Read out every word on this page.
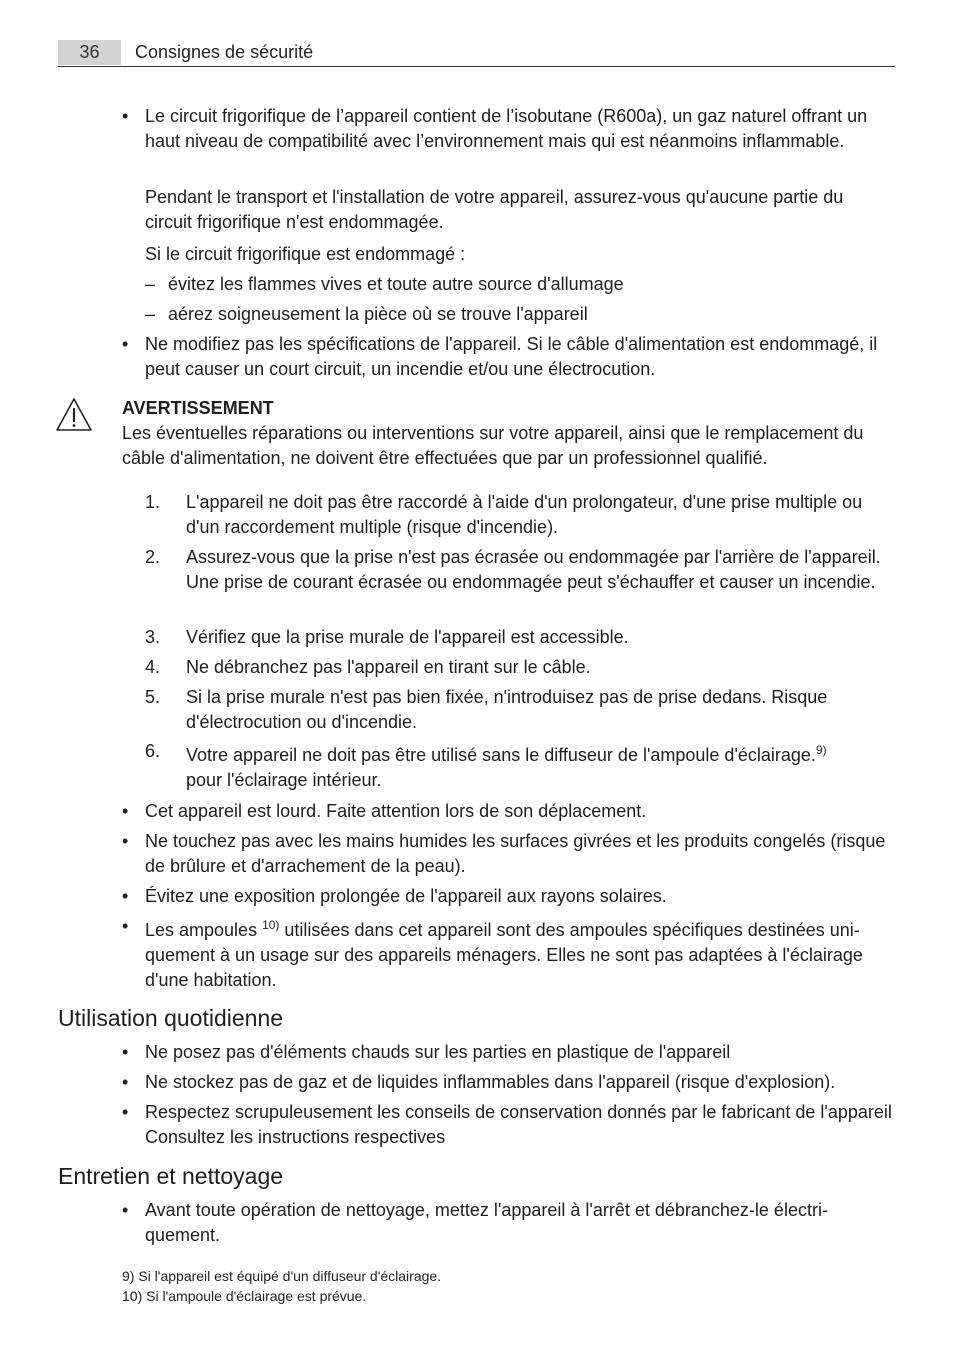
36	Consignes de sécurité
• Le circuit frigorifique de l’appareil contient de l’isobutane (R600a), un gaz naturel offrant un haut niveau de compatibilité avec l’environnement mais qui est néanmoins inflammable.
Pendant le transport et l'installation de votre appareil, assurez-vous qu'aucune partie du circuit frigorifique n'est endommagée.
Si le circuit frigorifique est endommagé :
– évitez les flammes vives et toute autre source d'allumage
– aérez soigneusement la pièce où se trouve l'appareil
• Ne modifiez pas les spécifications de l'appareil. Si le câble d'alimentation est endommagé, il peut causer un court circuit, un incendie et/ou une électrocution.
AVERTISSEMENT
Les éventuelles réparations ou interventions sur votre appareil, ainsi que le remplacement du câble d'alimentation, ne doivent être effectuées que par un professionnel qualifié.
1. L'appareil ne doit pas être raccordé à l'aide d'un prolongateur, d'une prise multiple ou d'un raccordement multiple (risque d'incendie).
2. Assurez-vous que la prise n'est pas écrasée ou endommagée par l'arrière de l'appareil. Une prise de courant écrasée ou endommagée peut s'échauffer et causer un incendie.
3. Vérifiez que la prise murale de l'appareil est accessible.
4. Ne débranchez pas l'appareil en tirant sur le câble.
5. Si la prise murale n'est pas bien fixée, n'introduisez pas de prise dedans. Risque d'électrocution ou d'incendie.
6. Votre appareil ne doit pas être utilisé sans le diffuseur de l'ampoule d'éclairage.$^{9)}$
pour l'éclairage intérieur.
• Cet appareil est lourd. Faite attention lors de son déplacement.
• Ne touchez pas avec les mains humides les surfaces givrées et les produits congelés (risque de brûlure et d'arrachement de la peau).
• Évitez une exposition prolongée de l'appareil aux rayons solaires.
• Les ampoules $^{10)}$ utilisées dans cet appareil sont des ampoules spécifiques destinées uniquement à un usage sur des appareils ménagers. Elles ne sont pas adaptées à l'éclairage d'une habitation.
Utilisation quotidienne
• Ne posez pas d'éléments chauds sur les parties en plastique de l'appareil
• Ne stockez pas de gaz et de liquides inflammables dans l'appareil (risque d'explosion).
• Respectez scrupuleusement les conseils de conservation donnés par le fabricant de l'appareil Consultez les instructions respectives
Entretien et nettoyage
• Avant toute opération de nettoyage, mettez l'appareil à l'arrêt et débranchez-le électriquement.
9) Si l'appareil est équipé d'un diffuseur d'éclairage.
10) Si l'ampoule d'éclairage est prévue.
